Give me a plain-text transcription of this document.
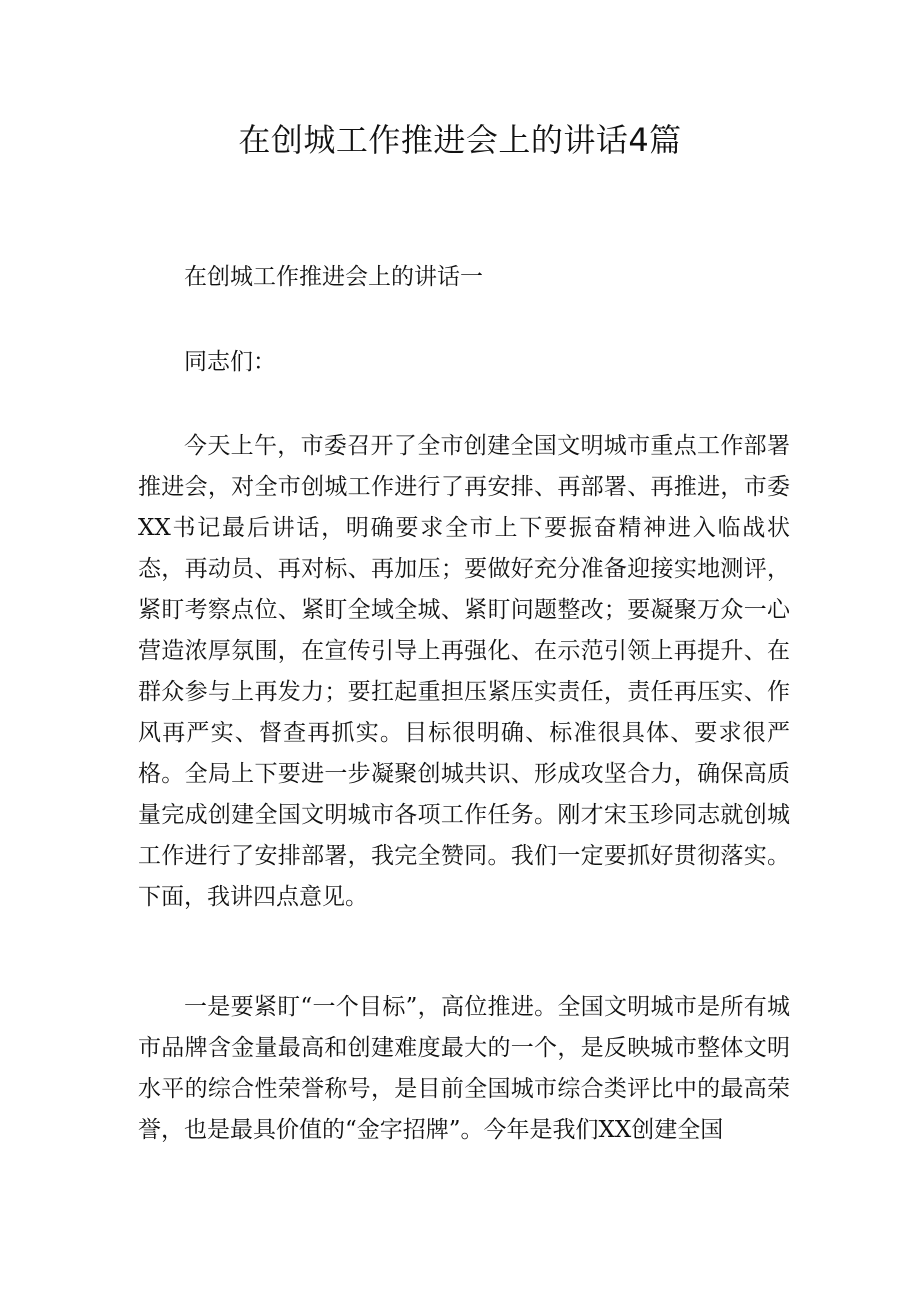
在创城工作推进会上的讲话4篇

在创城工作推进会上的讲话一

同志们：

今天上午，市委召开了全市创建全国文明城市重点工作部署推进会，对全市创城工作进行了再安排、再部署、再推进，市委XX书记最后讲话，明确要求全市上下要振奋精神进入临战状态，再动员、再对标、再加压；要做好充分准备迎接实地测评，紧盯考察点位、紧盯全域全城、紧盯问题整改；要凝聚万众一心营造浓厚氛围，在宣传引导上再强化、在示范引领上再提升、在群众参与上再发力；要扛起重担压紧压实责任，责任再压实、作风再严实、督查再抓实。目标很明确、标准很具体、要求很严格。全局上下要进一步凝聚创城共识、形成攻坚合力，确保高质量完成创建全国文明城市各项工作任务。刚才宋玉珍同志就创城工作进行了安排部署，我完全赞同。我们一定要抓好贯彻落实。下面，我讲四点意见。

一是要紧盯“一个目标”，高位推进。全国文明城市是所有城市品牌含金量最高和创建难度最大的一个，是反映城市整体文明水平的综合性荣誉称号，是目前全国城市综合类评比中的最高荣誉，也是最具价值的“金字招牌”。今年是我们XX创建全国
